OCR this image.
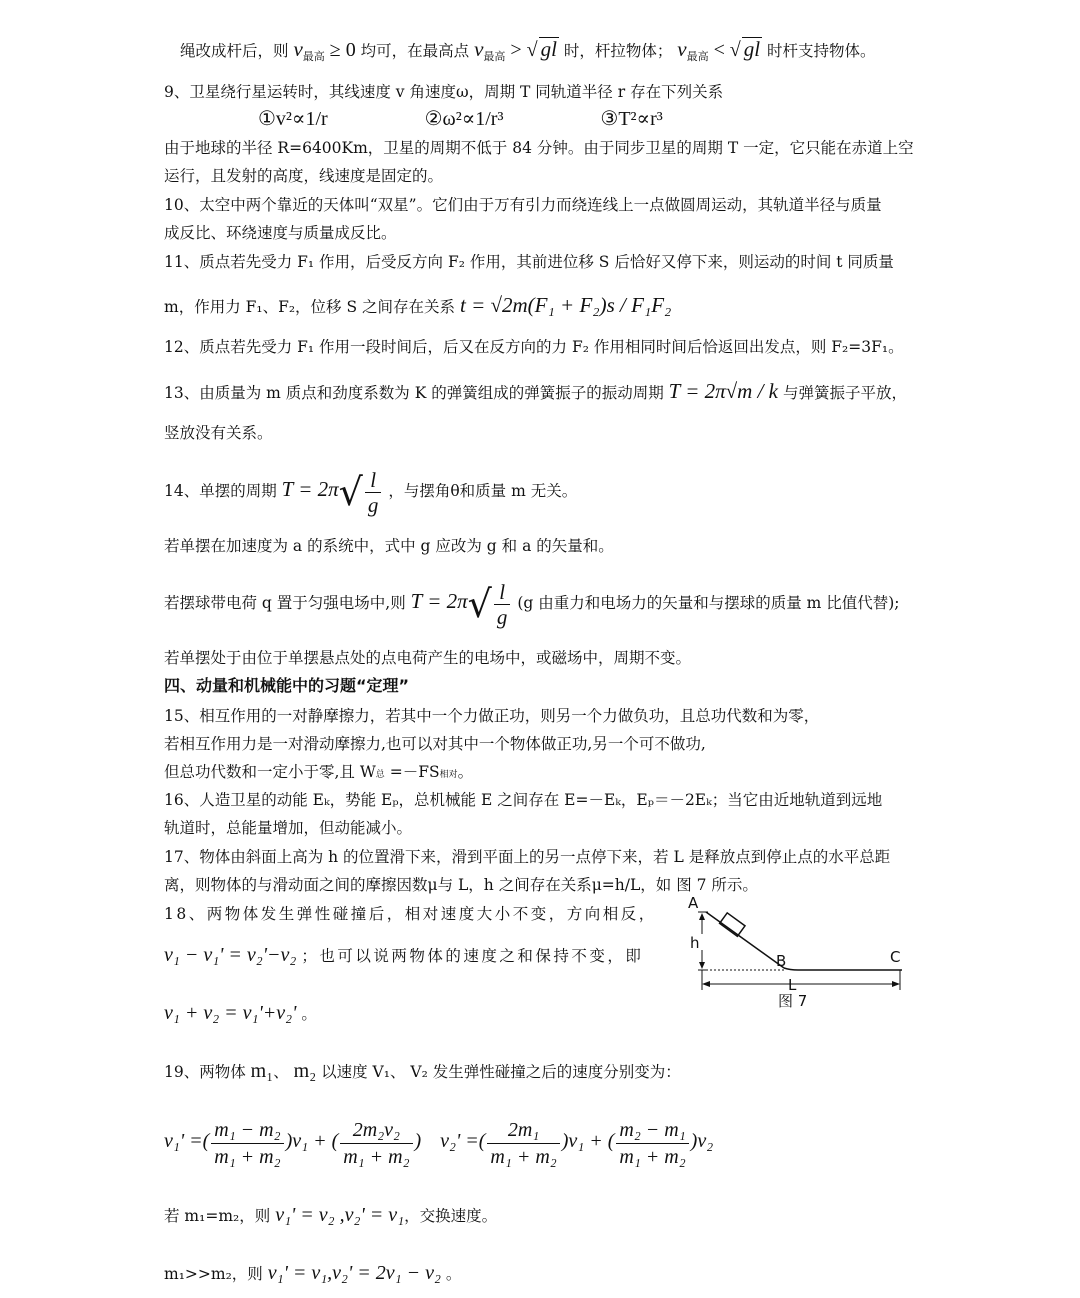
绳改成杆后，则 $v_{最高} \ge 0$ 均可，在最高点 $v_{最高}$ > √ gl 时，杆拉物体； $v_{最高}$ < √ gl 时杆支持物体。
9、卫星绕行星运转时，其线速度 v 角速度ω，周期 T 同轨道半径 r 存在下列关系
①v²∝1/r	②ω²∝1/r³	③T²∝r³
由于地球的半径 R=6400Km，卫星的周期不低于 84 分钟。由于同步卫星的周期 T 一定，它只能在赤道上空
运行，且发射的高度，线速度是固定的。
10、太空中两个靠近的天体叫“双星”。它们由于万有引力而绕连线上一点做圆周运动，其轨道半径与质量
成反比、环绕速度与质量成反比。
11、质点若先受力 F₁ 作用，后受反方向 F₂ 作用，其前进位移 S 后恰好又停下来，则运动的时间 t 同质量
m，作用力 F₁、F₂，位移 S 之间存在关系 t = √2m(F₁ + F₂)s / F₁F₂
12、质点若先受力 F₁ 作用一段时间后，后又在反方向的力 F₂ 作用相同时间后恰返回出发点，则 F₂=3F₁。
13、由质量为 m 质点和劲度系数为 K 的弹簧组成的弹簧振子的振动周期 T = 2π√m / k 与弹簧振子平放，
竖放没有关系。
14、单摆的周期 $T = 2\pi√ \frac{l}{g}$ ，与摆角θ和质量 m 无关。
若单摆在加速度为 a 的系统中，式中 g 应改为 g 和 a 的矢量和。
若摆球带电荷 q 置于匀强电场中,则 $T = 2\pi√ \frac{l}{g} (g$ 由重力和电场力的矢量和与摆球的质量 m 比值代替);
若单摆处于由位于单摆悬点处的点电荷产生的电场中，或磁场中，周期不变。
四、动量和机械能中的习题“定理”
15、相互作用的一对静摩擦力，若其中一个力做正功，则另一个力做负功，且总功代数和为零，
若相互作用力是一对滑动摩擦力,也可以对其中一个物体做正功,另一个可不做功,
但总功代数和一定小于零,且 W总 =－FS相对。
16、人造卫星的动能 Eₖ，势能 Eₚ，总机械能 E 之间存在 E=－Eₖ，Eₚ＝－2Eₖ；当它由近地轨道到远地
轨道时，总能量增加，但动能减小。
17、物体由斜面上高为 h 的位置滑下来，滑到平面上的另一点停下来，若 L 是释放点到停止点的水平总距
离，则物体的与滑动面之间的摩擦因数μ与 L，h 之间存在关系μ=h/L，如 图 7 所示。
18、两物体发生弹性碰撞后，相对速度大小不变，方向相反，
v₁ − v₁' = v₂'−v₂ ；也可以说两物体的速度之和保持不变，即
v₁ + v₂ = v₁'+v₂' 。
A
h
B	C
L
图 7
19、两物体 m₁、 m₂ 以速度 V₁、 V₂ 发生弹性碰撞之后的速度分别变为：
v₁' =( $\frac{\text{m₁ − m₂}}{\text{m₁ + m₂}} )v_1$ + ( $\frac{\text{2m₂v₂}}{\text{m₁ + m₂}}$ ) v₂' =( $\frac{\text{2m₁}}{\text{m₁ + m₂}} )v_1$ + ( $\frac{\text{m₂ − m₁}}{\text{m₁ + m₂}} )v_2$
若 m₁=m₂，则 v₁' = v₂ ,v₂' = v₁，交换速度。
m₁>>m₂，则 v₁' = v₁,v₂' = 2v₁ − v₂ 。
